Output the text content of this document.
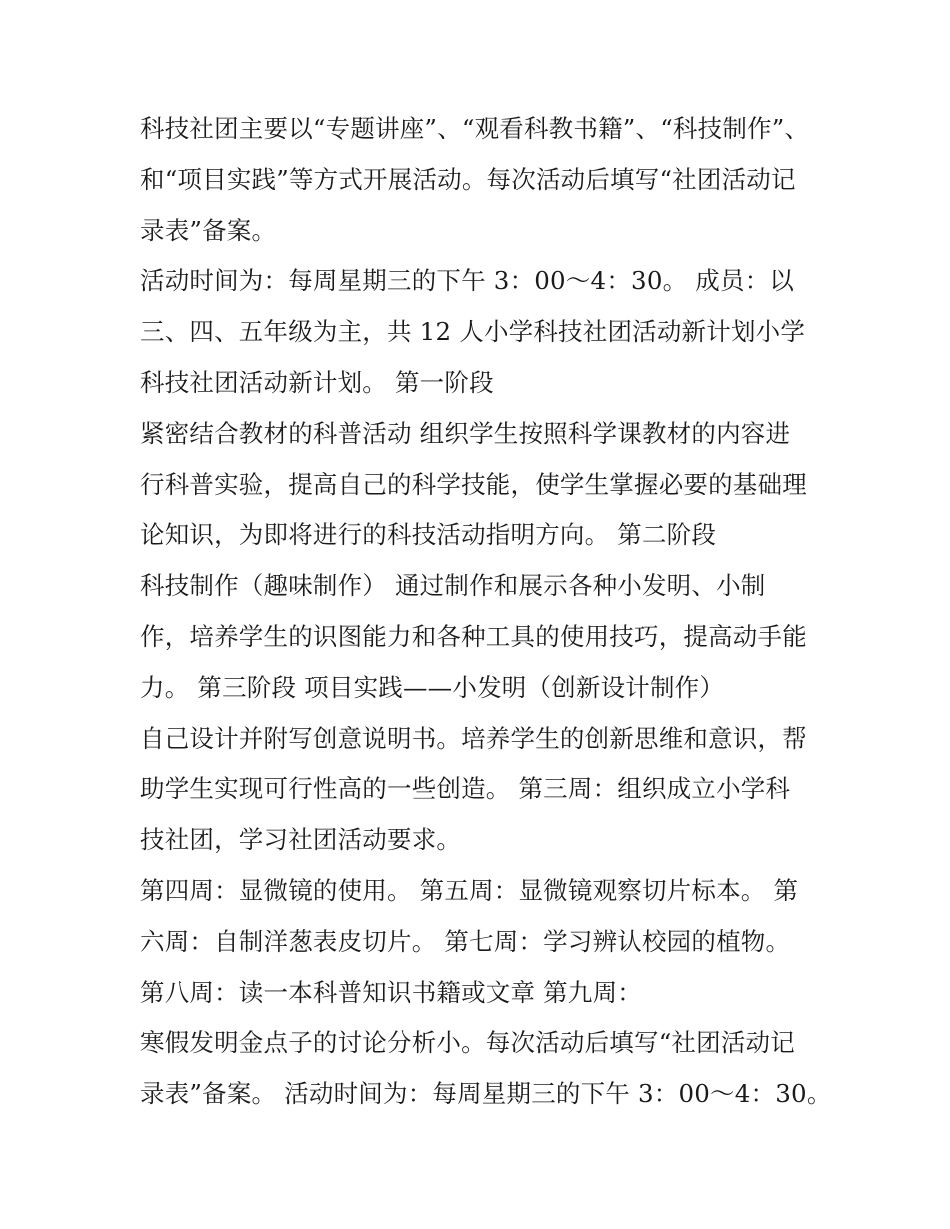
科技社团主要以“专题讲座”、“观看科教书籍”、“科技制作”、
和“项目实践”等方式开展活动。每次活动后填写“社团活动记
录表”备案。
活动时间为：每周星期三的下午 3：00～4：30。 成员：以
三、四、五年级为主，共 12 人小学科技社团活动新计划小学
科技社团活动新计划。 第一阶段
紧密结合教材的科普活动 组织学生按照科学课教材的内容进
行科普实验，提高自己的科学技能，使学生掌握必要的基础理
论知识，为即将进行的科技活动指明方向。 第二阶段
科技制作（趣味制作） 通过制作和展示各种小发明、小制
作，培养学生的识图能力和各种工具的使用技巧，提高动手能
力。 第三阶段 项目实践——小发明（创新设计制作）
自己设计并附写创意说明书。培养学生的创新思维和意识，帮
助学生实现可行性高的一些创造。 第三周：组织成立小学科
技社团，学习社团活动要求。
第四周：显微镜的使用。 第五周：显微镜观察切片标本。 第
六周：自制洋葱表皮切片。 第七周：学习辨认校园的植物。
第八周：读一本科普知识书籍或文章 第九周：
寒假发明金点子的讨论分析小。每次活动后填写“社团活动记
录表”备案。 活动时间为：每周星期三的下午 3：00～4：30。
